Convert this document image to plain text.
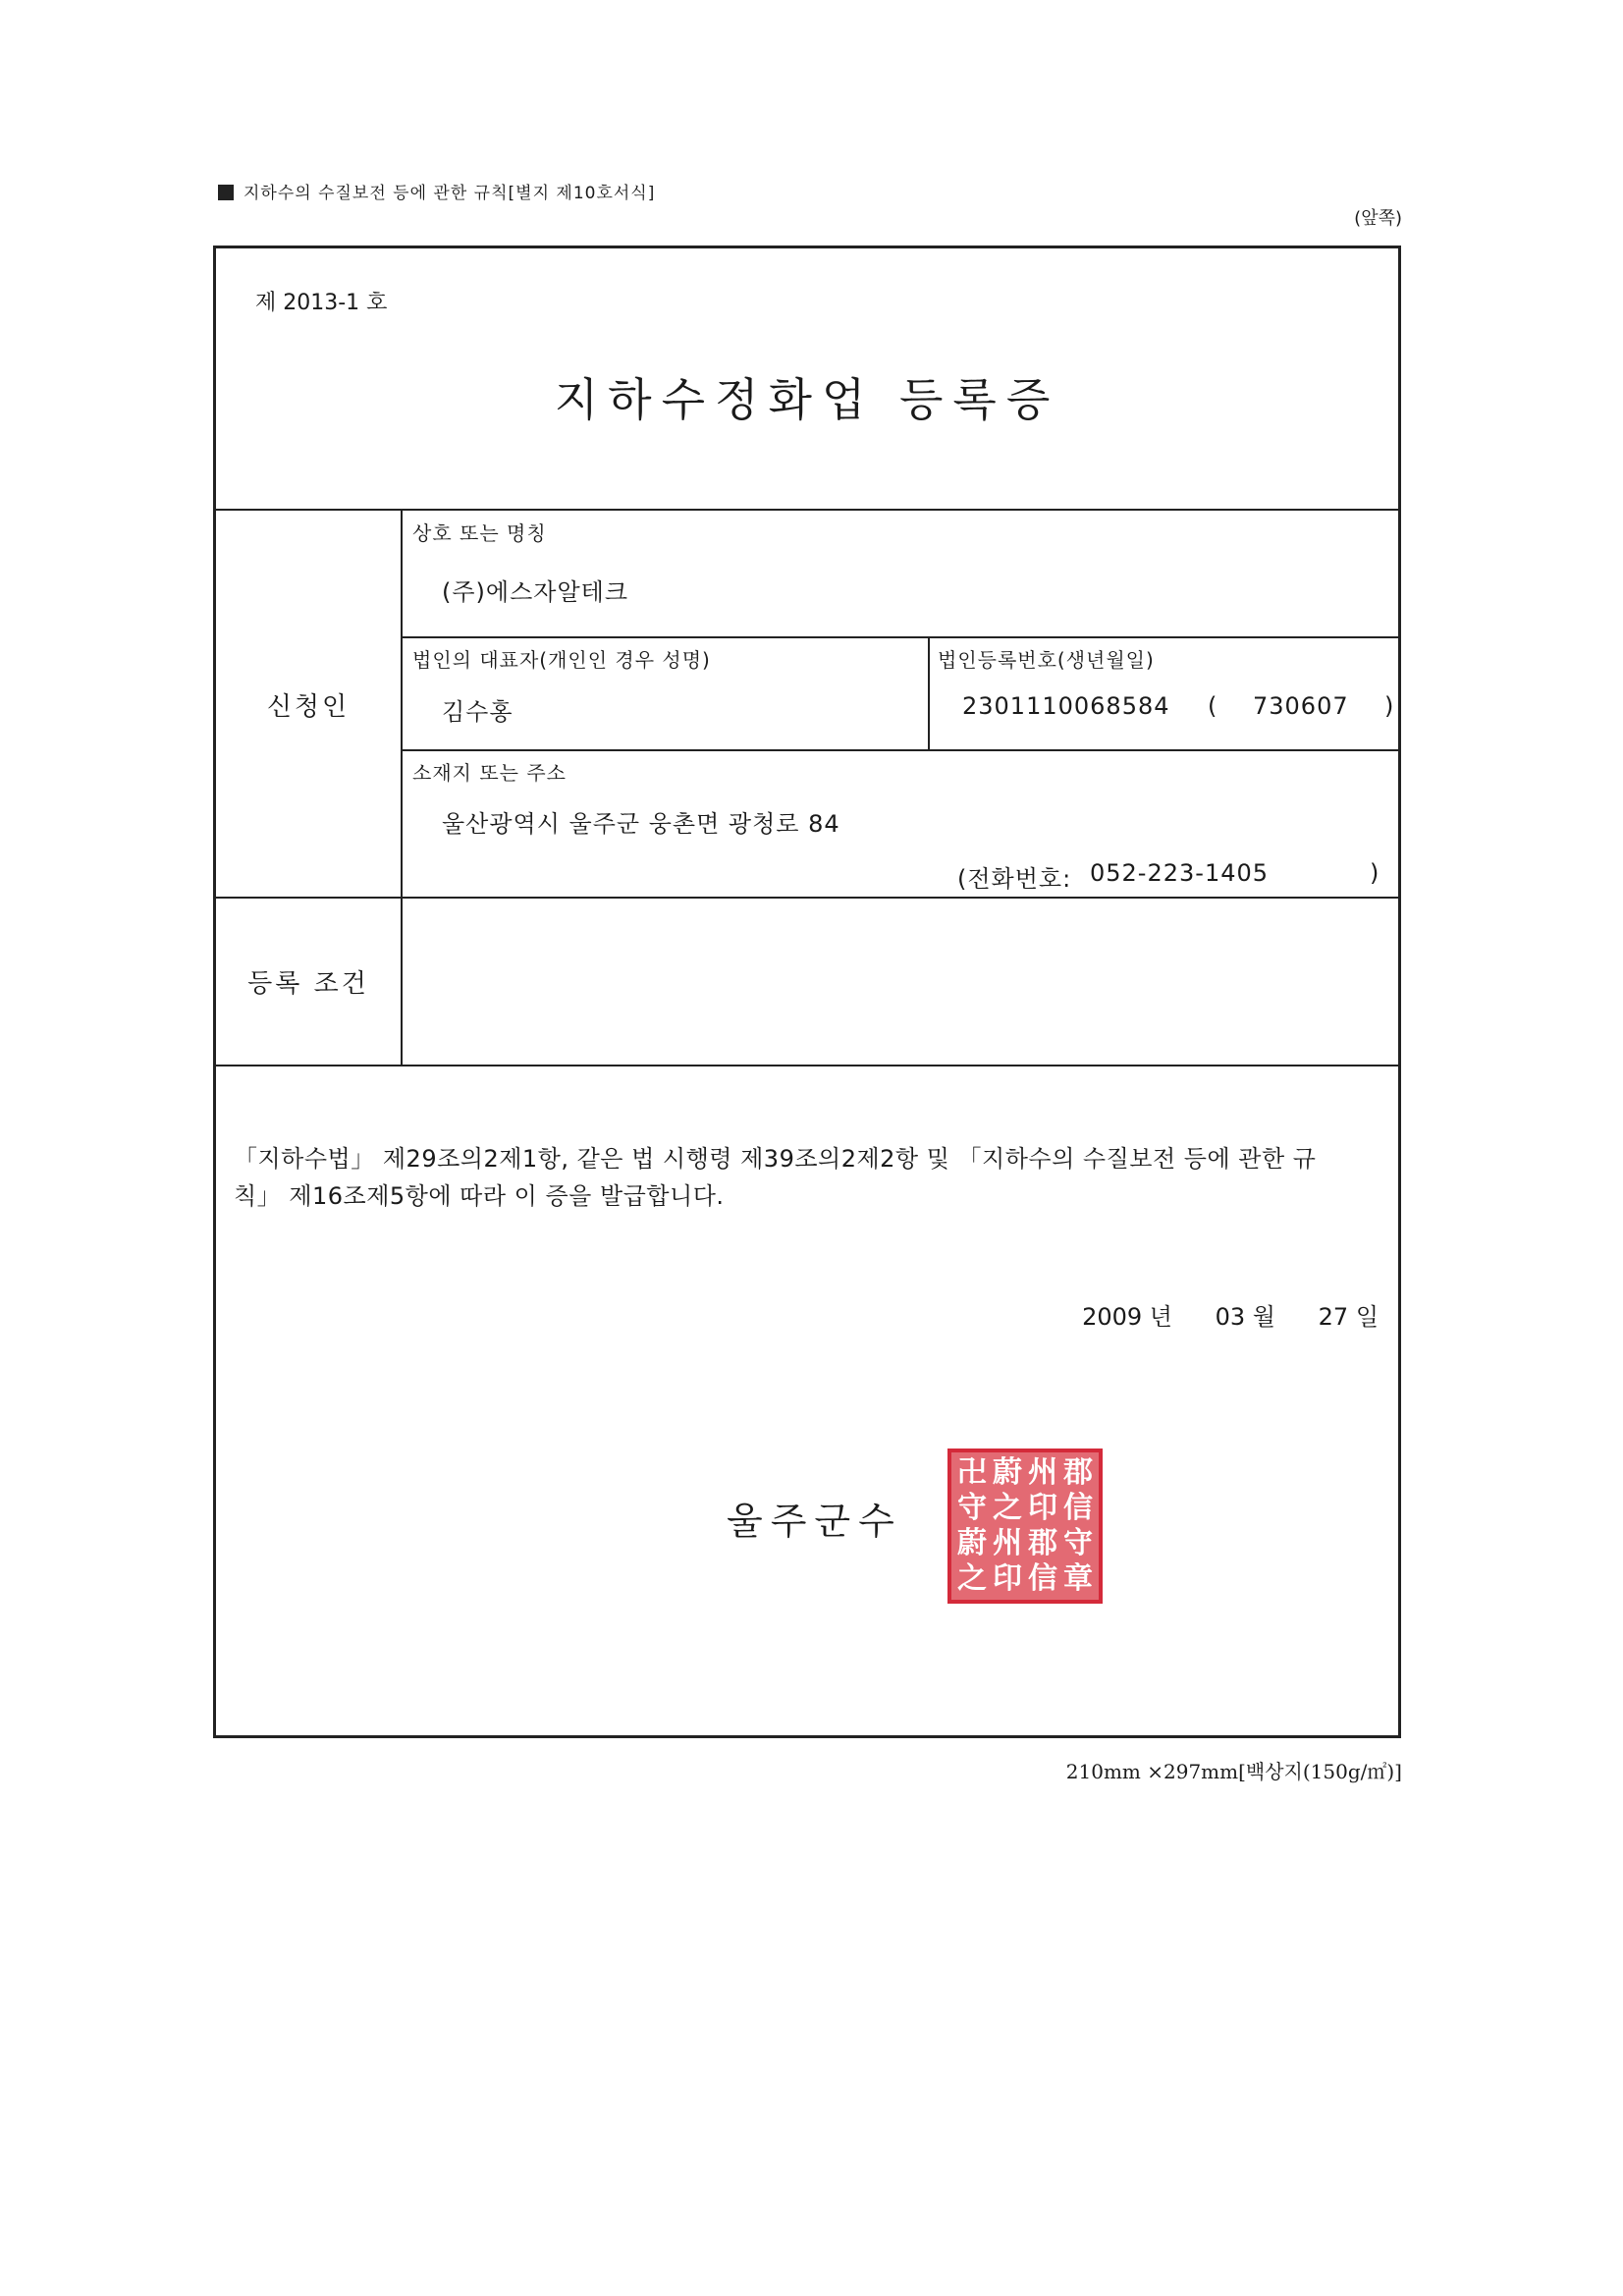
지하수의 수질보전 등에 관한 규칙[별지 제10호서식]
(앞쪽)
제 2013-1 호
지하수정화업 등록증
신청인
상호 또는 명칭
(주)에스자알테크
법인의 대표자(개인인 경우 성명)
김수홍
법인등록번호(생년월일)
2301110068584 ( 730607 )
소재지 또는 주소
울산광역시 울주군 웅촌면 광청로 84
(전화번호: 052-223-1405	)
등록 조건
「지하수법」 제29조의2제1항, 같은 법 시행령 제39조의2제2항 및 「지하수의 수질보전 등에 관한 규칙」 제16조제5항에 따라 이 증을 발급합니다.
2009 년 03 월 27 일
울주군수
卍 蔚 州 郡
守 之 印 信
蔚 州 郡 守
之 印 信 章
210mm ×297mm[백상지(150g/㎡)]
